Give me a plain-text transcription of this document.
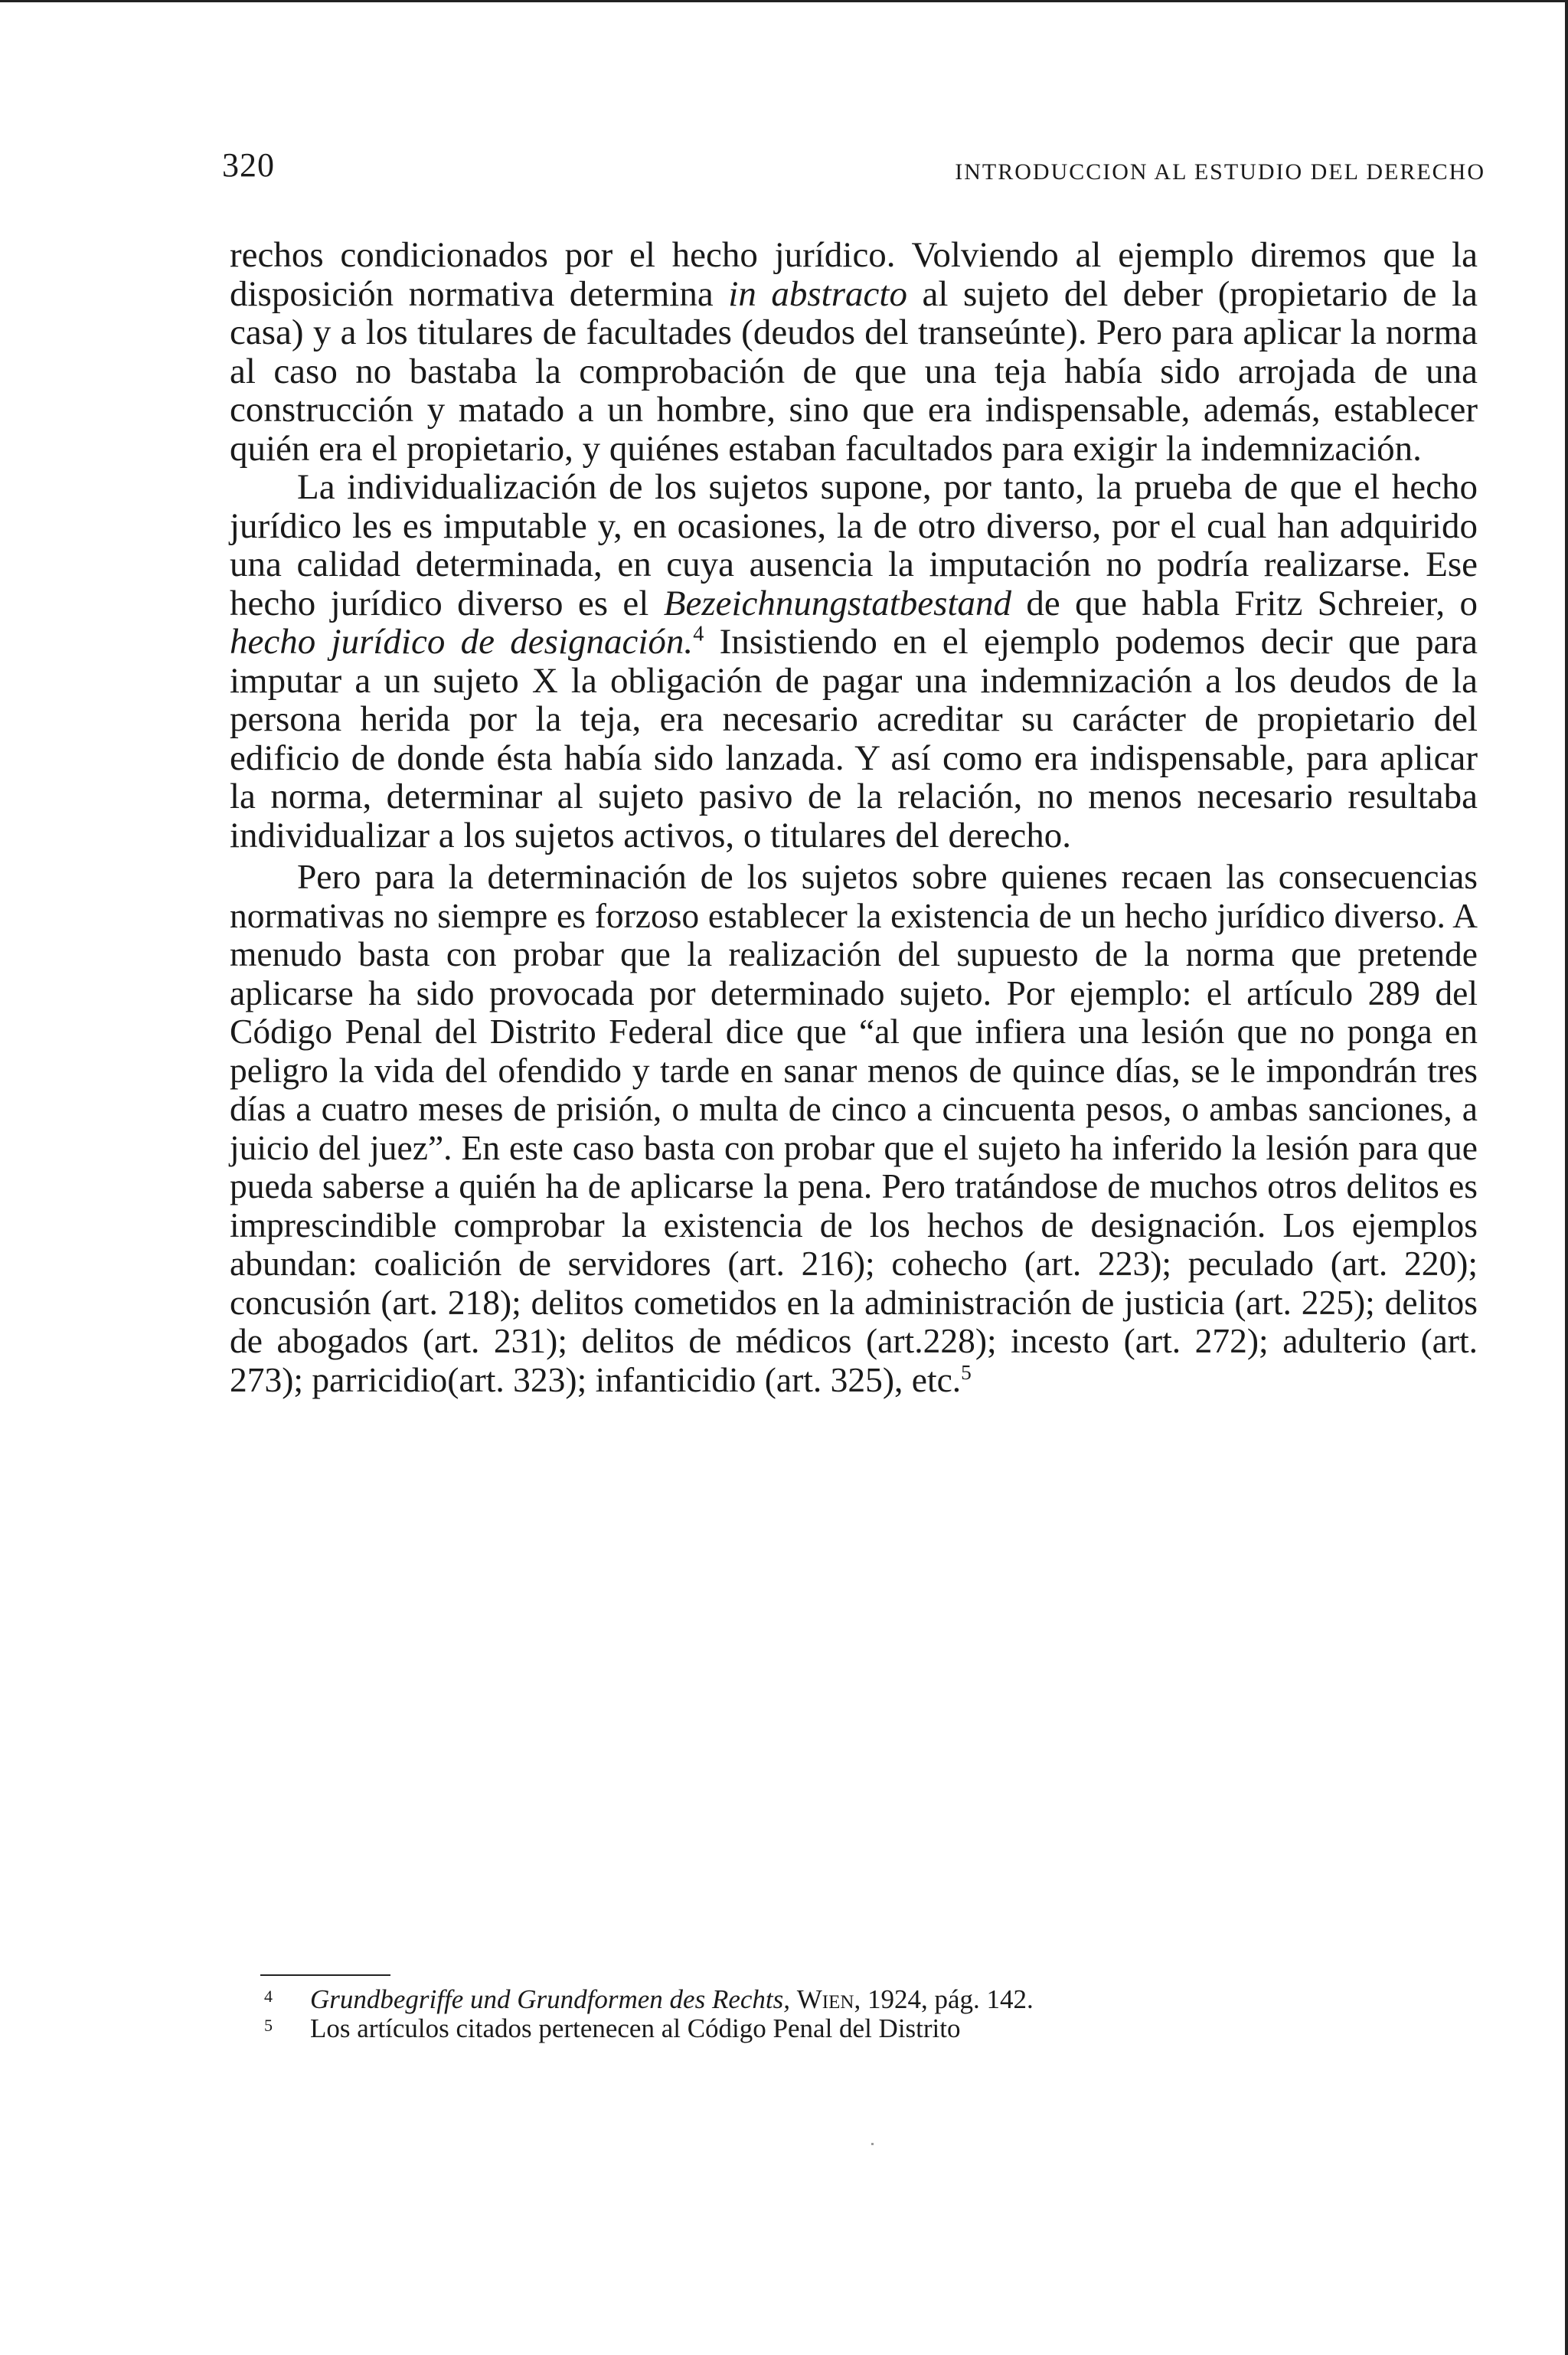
320	INTRODUCCION AL ESTUDIO DEL DERECHO

rechos condicionados por el hecho jurídico. Volviendo al ejemplo diremos que la disposición normativa determina in abstracto al sujeto del deber (propietario de la casa) y a los titulares de facultades (deudos del transeúnte). Pero para aplicar la norma al caso no bastaba la comprobación de que una teja había sido arrojada de una construcción y matado a un hombre, sino que era indispensable, además, establecer quién era el propietario, y quiénes estaban facultados para exigir la indemnización.

La individualización de los sujetos supone, por tanto, la prueba de que el hecho jurídico les es imputable y, en ocasiones, la de otro diverso, por el cual han adquirido una calidad determinada, en cuya ausencia la imputación no podría realizarse. Ese hecho jurídico diverso es el Bezeichnungstatbestand de que habla Fritz Schreier, o hecho jurídico de designación.$^4$ Insistiendo en el ejemplo podemos decir que para imputar a un sujeto X la obligación de pagar una indemnización a los deudos de la persona herida por la teja, era necesario acreditar su carácter de propietario del edificio de donde ésta había sido lanzada. Y así como era indispensable, para aplicar la norma, determinar al sujeto pasivo de la relación, no menos necesario resultaba individualizar a los sujetos activos, o titulares del derecho.

Pero para la determinación de los sujetos sobre quienes recaen las consecuencias normativas no siempre es forzoso establecer la existencia de un hecho jurídico diverso. A menudo basta con probar que la realización del supuesto de la norma que pretende aplicarse ha sido provocada por determinado sujeto. Por ejemplo: el artículo 289 del Código Penal del Distrito Federal dice que “al que infiera una lesión que no ponga en peligro la vida del ofendido y tarde en sanar menos de quince días, se le impondrán tres días a cuatro meses de prisión, o multa de cinco a cincuenta pesos, o ambas sanciones, a juicio del juez”. En este caso basta con probar que el sujeto ha inferido la lesión para que pueda saberse a quién ha de aplicarse la pena. Pero tratándose de muchos otros delitos es imprescindible comprobar la existencia de los hechos de designación. Los ejemplos abundan: coalición de servidores (art. 216); cohecho (art. 223); peculado (art. 220); concusión (art. 218); delitos cometidos en la administración de justicia (art. 225); delitos de abogados (art. 231); delitos de médicos (art.228); incesto (art. 272); adulterio (art. 273); parricidio(art. 323); infanticidio (art. 325), etc.$^5$

4 Grundbegriffe und Grundformen des Rechts, Wien, 1924, pág. 142.
5 Los artículos citados pertenecen al Código Penal del Distrito
